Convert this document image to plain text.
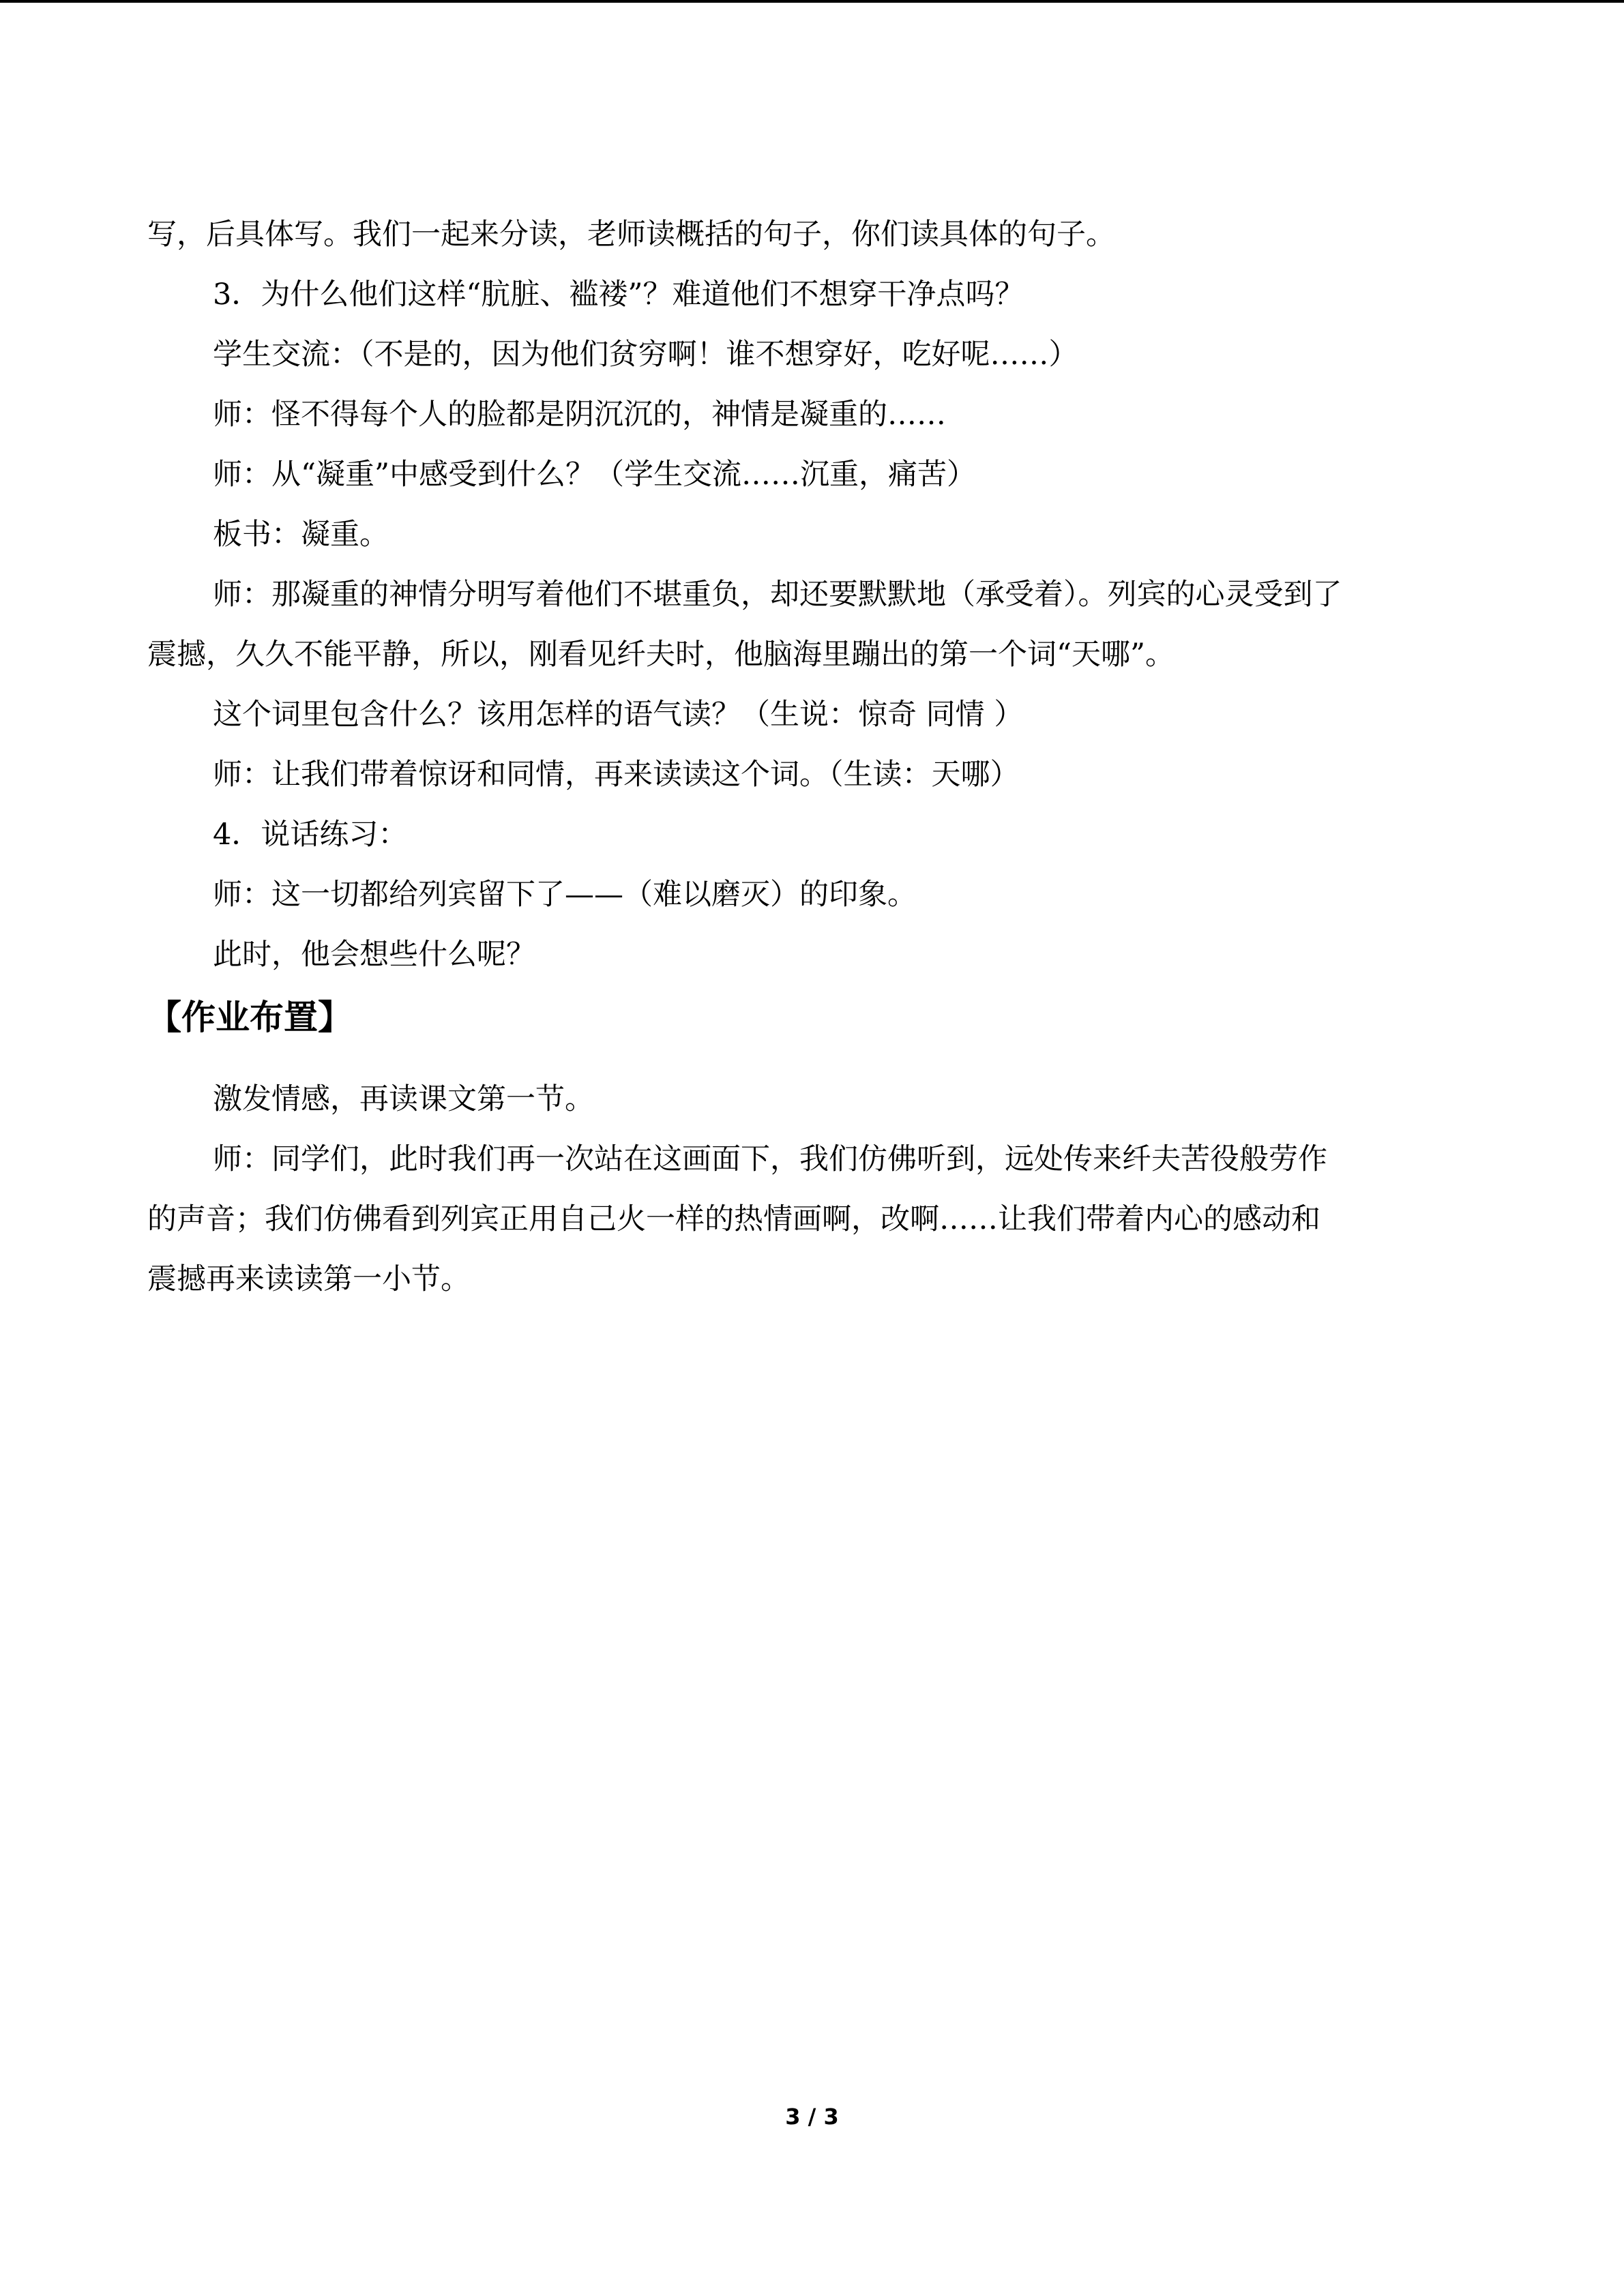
写，后具体写。我们一起来分读，老师读概括的句子，你们读具体的句子。
3．为什么他们这样“肮脏、褴褛”？难道他们不想穿干净点吗？
学生交流：（不是的，因为他们贫穷啊！谁不想穿好，吃好呢……）
师：怪不得每个人的脸都是阴沉沉的，神情是凝重的……
师：从“凝重”中感受到什么？（学生交流……沉重，痛苦）
板书：凝重。
师：那凝重的神情分明写着他们不堪重负，却还要默默地（承受着）。列宾的心灵受到了
震撼，久久不能平静，所以，刚看见纤夫时，他脑海里蹦出的第一个词“天哪”。
这个词里包含什么？该用怎样的语气读？（生说：惊奇 同情 ）
师：让我们带着惊讶和同情，再来读读这个词。（生读：天哪）
4．说话练习：
师：这一切都给列宾留下了——（难以磨灭）的印象。
此时，他会想些什么呢？
【作业布置】
激发情感，再读课文第一节。
师：同学们，此时我们再一次站在这画面下，我们仿佛听到，远处传来纤夫苦役般劳作
的声音；我们仿佛看到列宾正用自己火一样的热情画啊，改啊……让我们带着内心的感动和
震撼再来读读第一小节。
3 / 3
